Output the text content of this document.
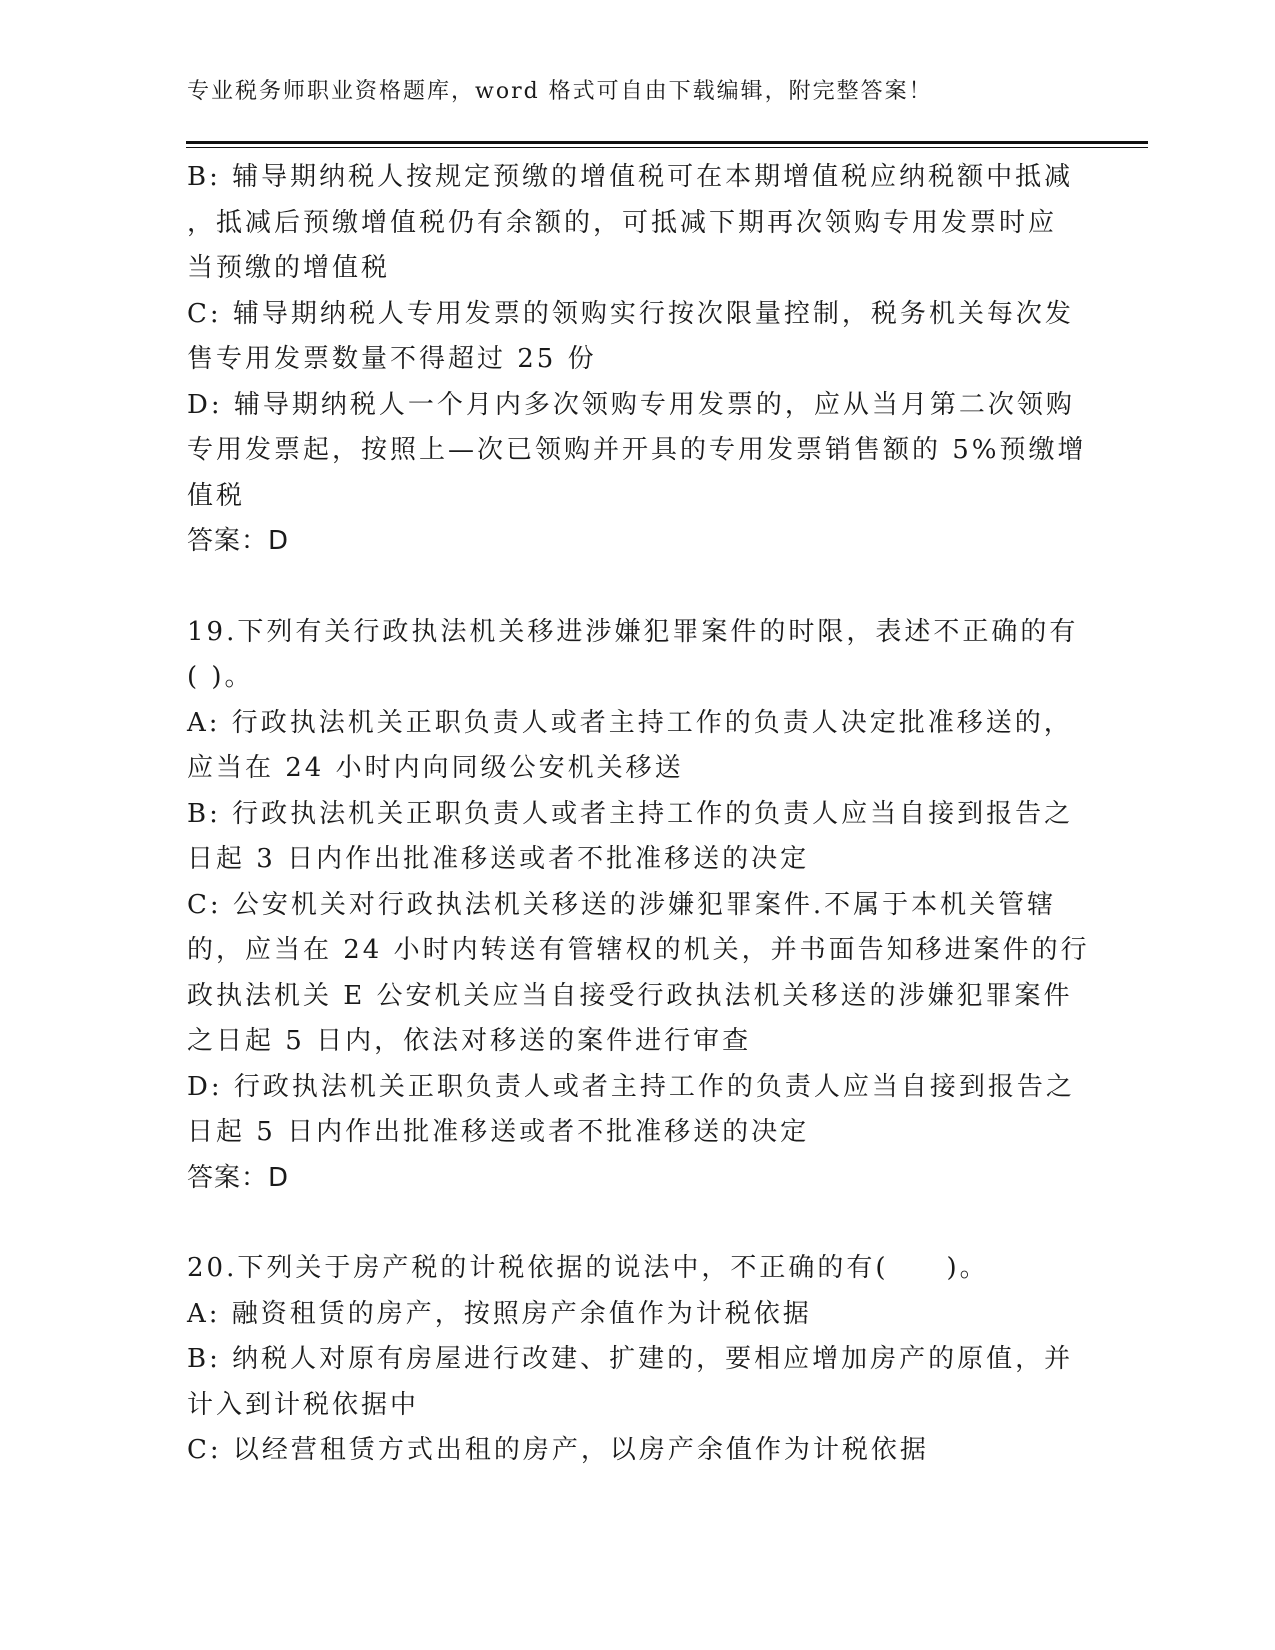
专业税务师职业资格题库，word 格式可自由下载编辑，附完整答案！
B: 辅导期纳税人按规定预缴的增值税可在本期增值税应纳税额中抵减
，抵减后预缴增值税仍有余额的，可抵减下期再次领购专用发票时应
当预缴的增值税
C: 辅导期纳税人专用发票的领购实行按次限量控制，税务机关每次发
售专用发票数量不得超过 25 份
D: 辅导期纳税人一个月内多次领购专用发票的，应从当月第二次领购
专用发票起，按照上—次已领购并开具的专用发票销售额的 5%预缴增
值税
答案：D
19.下列有关行政执法机关移进涉嫌犯罪案件的时限，表述不正确的有
( )。
A: 行政执法机关正职负责人或者主持工作的负责人决定批准移送的，
应当在 24 小时内向同级公安机关移送
B: 行政执法机关正职负责人或者主持工作的负责人应当自接到报告之
日起 3 日内作出批准移送或者不批准移送的决定
C: 公安机关对行政执法机关移送的涉嫌犯罪案件.不属于本机关管辖
的，应当在 24 小时内转送有管辖权的机关，并书面告知移进案件的行
政执法机关 E 公安机关应当自接受行政执法机关移送的涉嫌犯罪案件
之日起 5 日内，依法对移送的案件进行审查
D: 行政执法机关正职负责人或者主持工作的负责人应当自接到报告之
日起 5 日内作出批准移送或者不批准移送的决定
答案：D
20.下列关于房产税的计税依据的说法中，不正确的有(　　)。
A: 融资租赁的房产，按照房产余值作为计税依据
B: 纳税人对原有房屋进行改建、扩建的，要相应增加房产的原值，并
计入到计税依据中
C: 以经营租赁方式出租的房产，以房产余值作为计税依据
